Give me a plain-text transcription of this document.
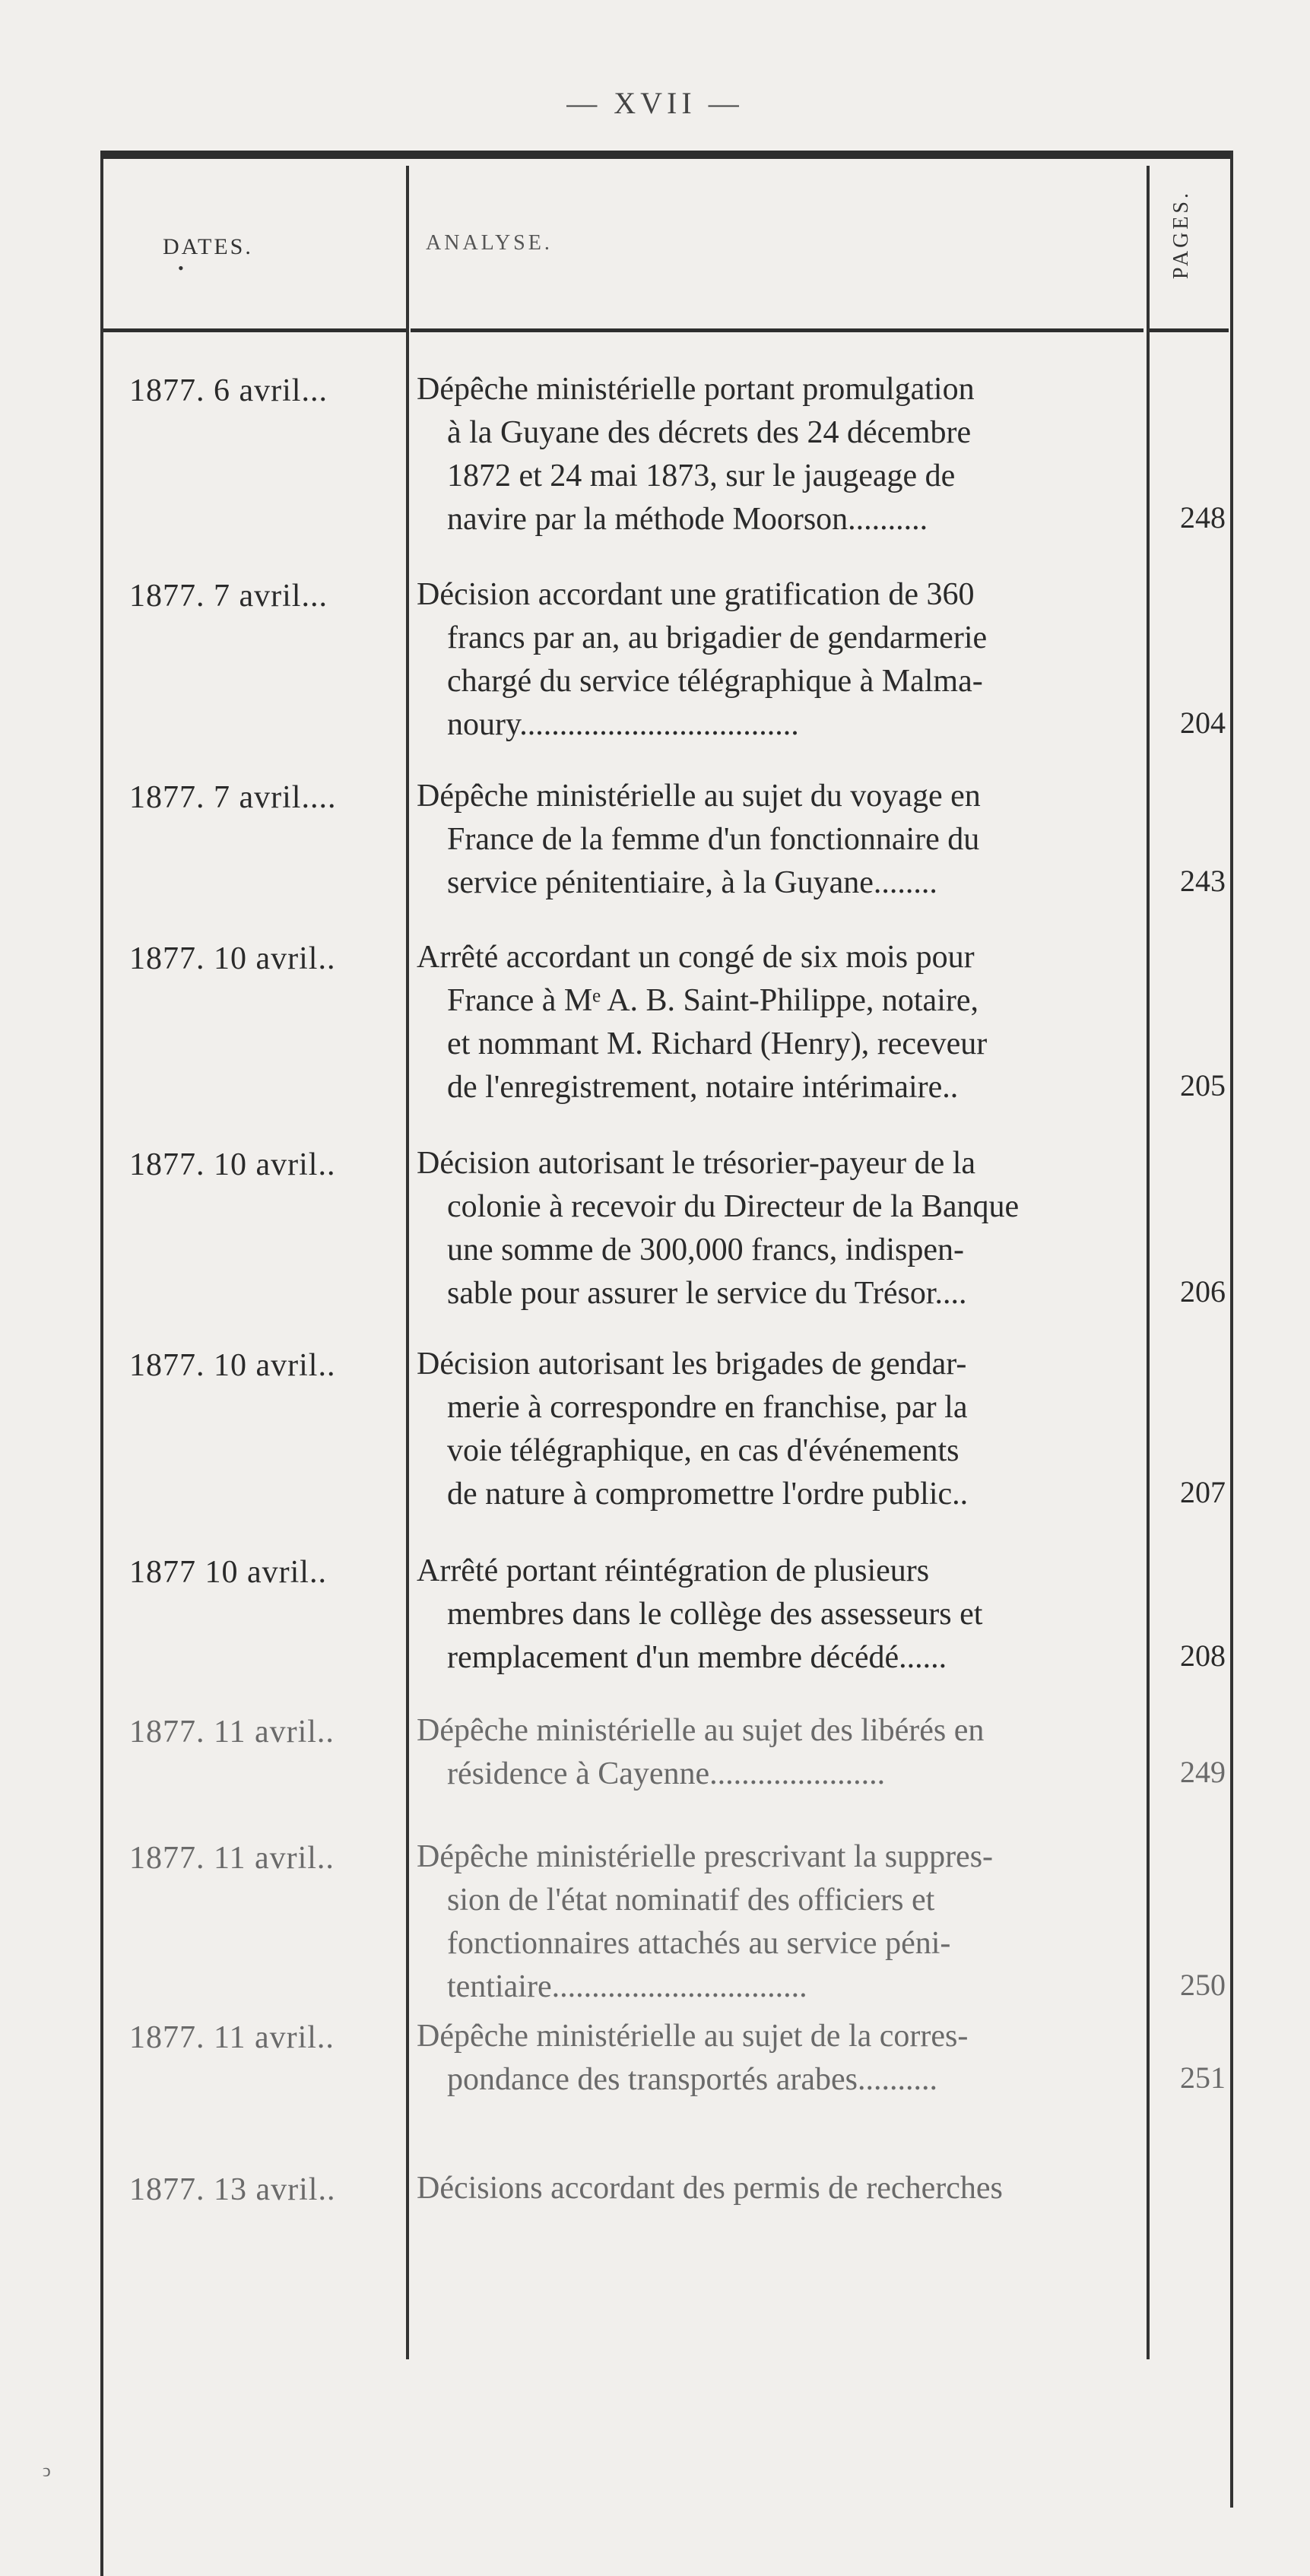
— XVII —
DATES.
•
ANALYSE.	PAGES.
1877. 6 avril...	Dépêche ministérielle portant promulgation
à la Guyane des décrets des 24 décembre
1872 et 24 mai 1873, sur le jaugeage de
navire par la méthode Moorson..........	248
1877. 7 avril...	Décision accordant une gratification de 360
francs par an, au brigadier de gendarmerie
chargé du service télégraphique à Malma-
noury...................................	204
1877. 7 avril....	Dépêche ministérielle au sujet du voyage en
France de la femme d'un fonctionnaire du
service pénitentiaire, à la Guyane........	243
1877. 10 avril..	Arrêté accordant un congé de six mois pour
France à Mᵉ A. B. Saint-Philippe, notaire,
et nommant M. Richard (Henry), receveur
de l'enregistrement, notaire intérimaire..	205
1877. 10 avril..	Décision autorisant le trésorier-payeur de la
colonie à recevoir du Directeur de la Banque
une somme de 300,000 francs, indispen-
sable pour assurer le service du Trésor....	206
1877. 10 avril..	Décision autorisant les brigades de gendar-
merie à correspondre en franchise, par la
voie télégraphique, en cas d'événements
de nature à compromettre l'ordre public..	207
1877 10 avril..	Arrêté portant réintégration de plusieurs
membres dans le collège des assesseurs et
remplacement d'un membre décédé......	208
1877. 11 avril..	Dépêche ministérielle au sujet des libérés en
résidence à Cayenne......................	249
1877. 11 avril..	Dépêche ministérielle prescrivant la suppres-
sion de l'état nominatif des officiers et
fonctionnaires attachés au service péni-
tentiaire................................	250
1877. 11 avril..	Dépêche ministérielle au sujet de la corres-
pondance des transportés arabes..........	251
1877. 13 avril..	Décisions accordant des permis de recherches
ↄ
